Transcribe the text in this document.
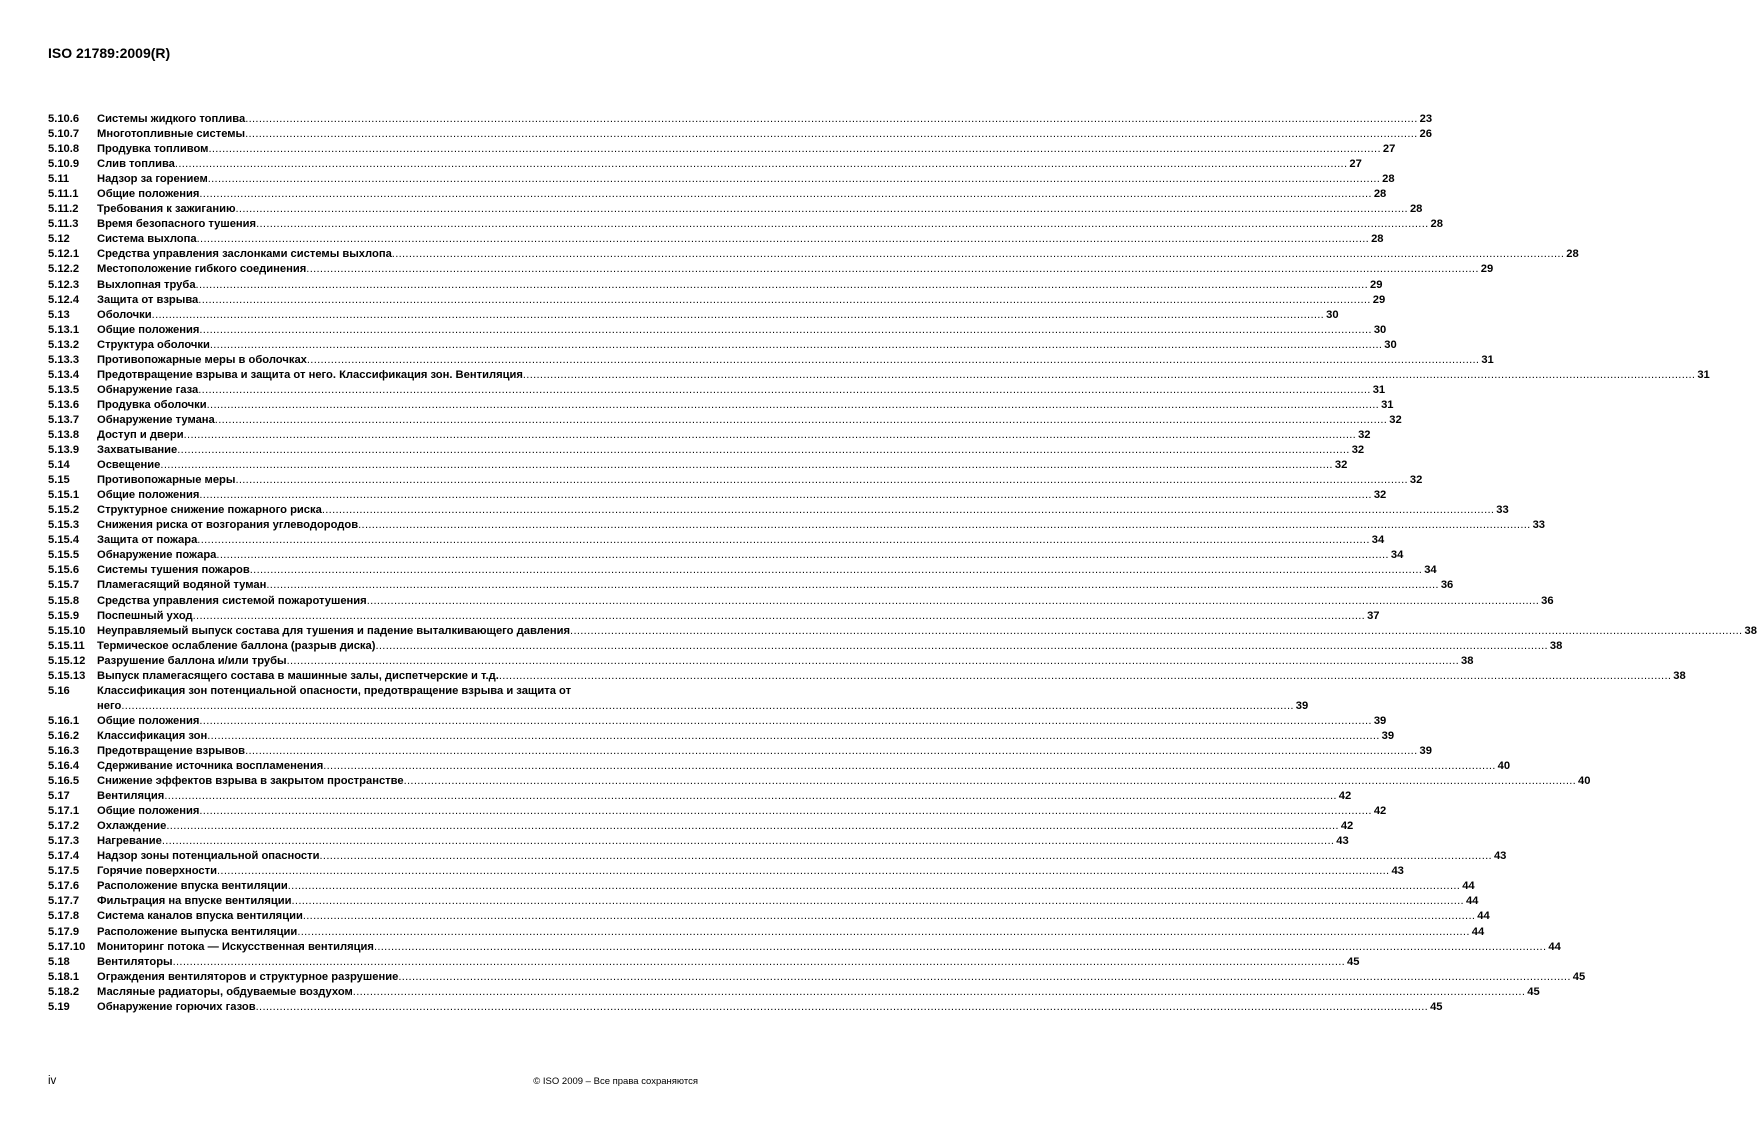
ISO 21789:2009(R)
5.10.6	Системы жидкого топлива .....	23
5.10.7	Многотопливные системы .....	26
5.10.8	Продувка топливом .....	27
5.10.9	Слив топлива .....	27
5.11	Надзор за горением .....	28
5.11.1	Общие положения .....	28
5.11.2	Требования к зажиганию .....	28
5.11.3	Время безопасного тушения .....	28
5.12	Система выхлопа .....	28
5.12.1	Средства управления заслонками системы выхлопа .....	28
5.12.2	Местоположение гибкого соединения .....	29
5.12.3	Выхлопная труба .....	29
5.12.4	Защита от взрыва .....	29
5.13	Оболочки .....	30
5.13.1	Общие положения .....	30
5.13.2	Структура оболочки .....	30
5.13.3	Противопожарные меры в оболочках .....	31
5.13.4	Предотвращение взрыва и защита от него. Классификация зон. Вентиляция .....	31
5.13.5	Обнаружение газа .....	31
5.13.6	Продувка оболочки .....	31
5.13.7	Обнаружение тумана .....	32
5.13.8	Доступ и двери .....	32
5.13.9	Захватывание .....	32
5.14	Освещение .....	32
5.15	Противопожарные меры .....	32
5.15.1	Общие положения .....	32
5.15.2	Структурное снижение пожарного риска .....	33
5.15.3	Снижения риска от возгорания углеводородов .....	33
5.15.4	Защита от пожара .....	34
5.15.5	Обнаружение пожара .....	34
5.15.6	Системы тушения пожаров .....	34
5.15.7	Пламегасящий водяной туман .....	36
5.15.8	Средства управления системой пожаротушения .....	36
5.15.9	Поспешный уход .....	37
5.15.10	Неуправляемый выпуск состава для тушения и падение выталкивающего давления .....	38
5.15.11	Термическое ослабление баллона (разрыв диска) .....	38
5.15.12	Разрушение баллона и/или трубы .....	38
5.15.13	Выпуск пламегасящего состава в машинные залы, диспетчерские и т.д. .....	38
5.16	Классификация зон потенциальной опасности, предотвращение взрыва и защита от
него .....	39
5.16.1	Общие положения .....	39
5.16.2	Классификация зон .....	39
5.16.3	Предотвращение взрывов .....	39
5.16.4	Сдерживание источника воспламенения .....	40
5.16.5	Снижение эффектов взрыва в закрытом пространстве .....	40
5.17	Вентиляция .....	42
5.17.1	Общие положения .....	42
5.17.2	Охлаждение .....	42
5.17.3	Нагревание .....	43
5.17.4	Надзор зоны потенциальной опасности .....	43
5.17.5	Горячие поверхности .....	43
5.17.6	Расположение впуска вентиляции .....	44
5.17.7	Фильтрация на впуске вентиляции .....	44
5.17.8	Система каналов впуска вентиляции .....	44
5.17.9	Расположение выпуска вентиляции .....	44
5.17.10	Мониторинг потока — Искусственная вентиляция .....	44
5.18	Вентиляторы .....	45
5.18.1	Ограждения вентиляторов и структурное разрушение .....	45
5.18.2	Масляные радиаторы, обдуваемые воздухом .....	45
5.19	Обнаружение горючих газов .....	45
iv	© ISO 2009 – Все права сохраняются
